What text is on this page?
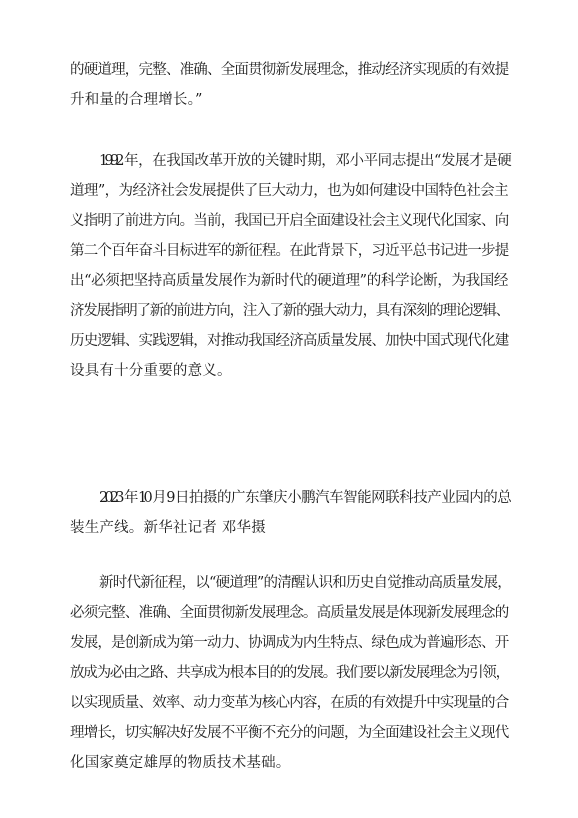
的硬道理，完整、准确、全面贯彻新发展理念，推动经济实现质的有效提
升和量的合理增长。”
1992年，在我国改革开放的关键时期，邓小平同志提出“发展才是硬
道理”，为经济社会发展提供了巨大动力，也为如何建设中国特色社会主
义指明了前进方向。当前，我国已开启全面建设社会主义现代化国家、向
第二个百年奋斗目标进军的新征程。在此背景下，习近平总书记进一步提
出“必须把坚持高质量发展作为新时代的硬道理”的科学论断，为我国经
济发展指明了新的前进方向，注入了新的强大动力，具有深刻的理论逻辑、
历史逻辑、实践逻辑，对推动我国经济高质量发展、加快中国式现代化建
设具有十分重要的意义。
2023年10月9日拍摄的广东肇庆小鹏汽车智能网联科技产业园内的总
装生产线。新华社记者 邓华摄
新时代新征程，以“硬道理”的清醒认识和历史自觉推动高质量发展，
必须完整、准确、全面贯彻新发展理念。高质量发展是体现新发展理念的
发展，是创新成为第一动力、协调成为内生特点、绿色成为普遍形态、开
放成为必由之路、共享成为根本目的的发展。我们要以新发展理念为引领，
以实现质量、效率、动力变革为核心内容，在质的有效提升中实现量的合
理增长，切实解决好发展不平衡不充分的问题，为全面建设社会主义现代
化国家奠定雄厚的物质技术基础。
